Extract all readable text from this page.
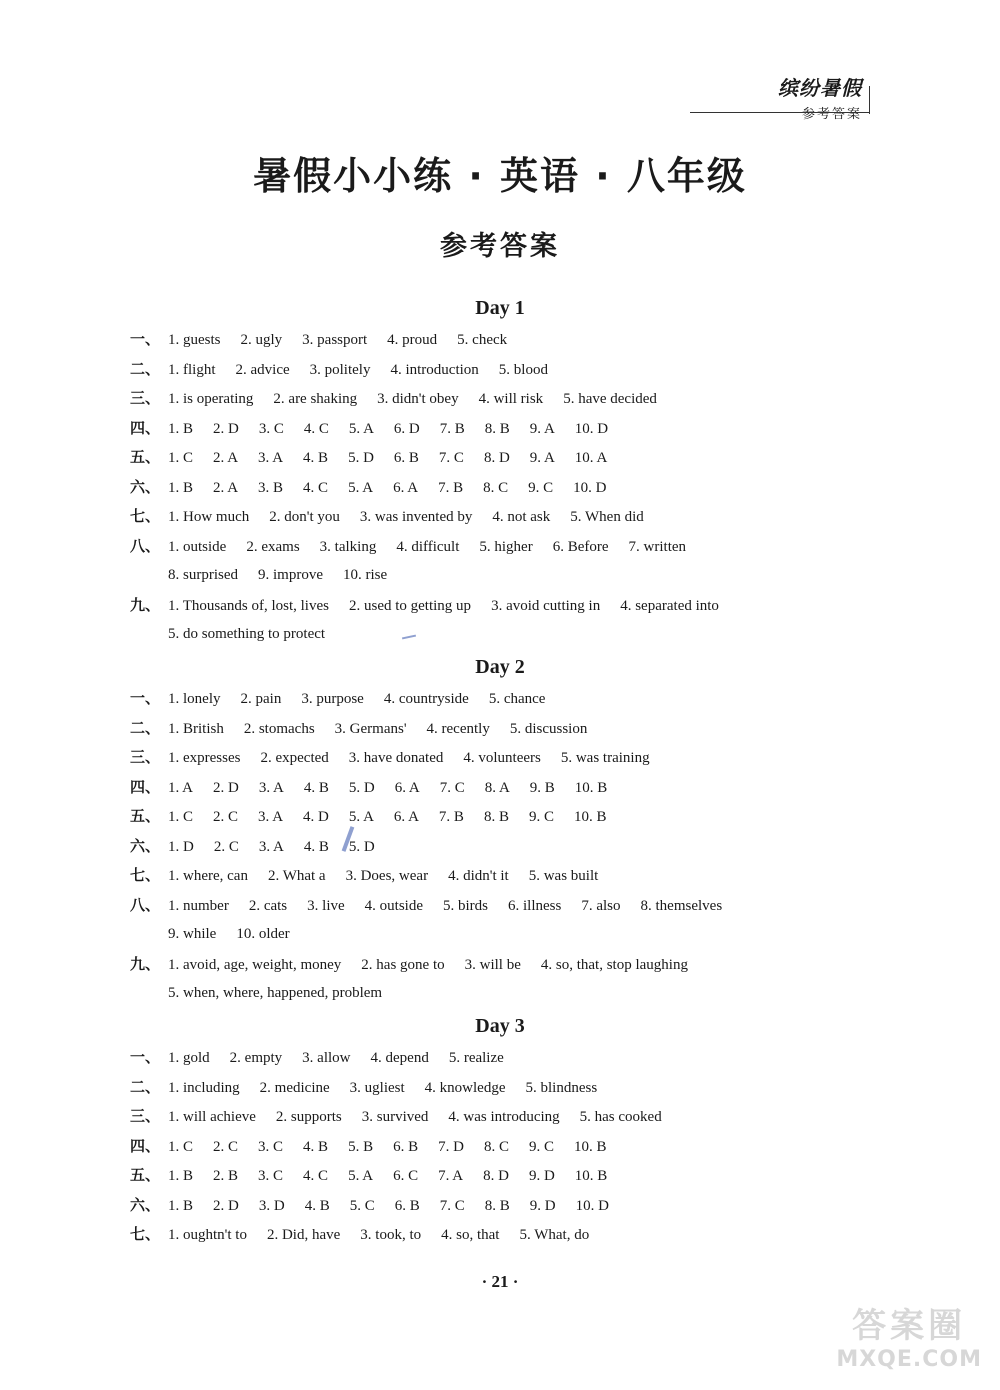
缤纷暑假
参考答案
暑假小小练 · 英语 · 八年级
参考答案
Day 1
一、 1. guests 2. ugly 3. passport 4. proud 5. check
二、 1. flight 2. advice 3. politely 4. introduction 5. blood
三、 1. is operating 2. are shaking 3. didn't obey 4. will risk 5. have decided
四、 1. B 2. D 3. C 4. C 5. A 6. D 7. B 8. B 9. A 10. D
五、 1. C 2. A 3. A 4. B 5. D 6. B 7. C 8. D 9. A 10. A
六、 1. B 2. A 3. B 4. C 5. A 6. A 7. B 8. C 9. C 10. D
七、 1. How much 2. don't you 3. was invented by 4. not ask 5. When did
八、 1. outside 2. exams 3. talking 4. difficult 5. higher 6. Before 7. written
8. surprised 9. improve 10. rise
九、 1. Thousands of, lost, lives 2. used to getting up 3. avoid cutting in 4. separated into
5. do something to protect
Day 2
一、 1. lonely 2. pain 3. purpose 4. countryside 5. chance
二、 1. British 2. stomachs 3. Germans' 4. recently 5. discussion
三、 1. expresses 2. expected 3. have donated 4. volunteers 5. was training
四、 1. A 2. D 3. A 4. B 5. D 6. A 7. C 8. A 9. B 10. B
五、 1. C 2. C 3. A 4. D 5. A 6. A 7. B 8. B 9. C 10. B
六、 1. D 2. C 3. A 4. B 5. D
七、 1. where, can 2. What a 3. Does, wear 4. didn't it 5. was built
八、 1. number 2. cats 3. live 4. outside 5. birds 6. illness 7. also 8. themselves
9. while 10. older
九、 1. avoid, age, weight, money 2. has gone to 3. will be 4. so, that, stop laughing
5. when, where, happened, problem
Day 3
一、 1. gold 2. empty 3. allow 4. depend 5. realize
二、 1. including 2. medicine 3. ugliest 4. knowledge 5. blindness
三、 1. will achieve 2. supports 3. survived 4. was introducing 5. has cooked
四、 1. C 2. C 3. C 4. B 5. B 6. B 7. D 8. C 9. C 10. B
五、 1. B 2. B 3. C 4. C 5. A 6. C 7. A 8. D 9. D 10. B
六、 1. B 2. D 3. D 4. B 5. C 6. B 7. C 8. B 9. D 10. D
七、 1. oughtn't to 2. Did, have 3. took, to 4. so, that 5. What, do
· 21 ·
答案圈
MXQE.COM
